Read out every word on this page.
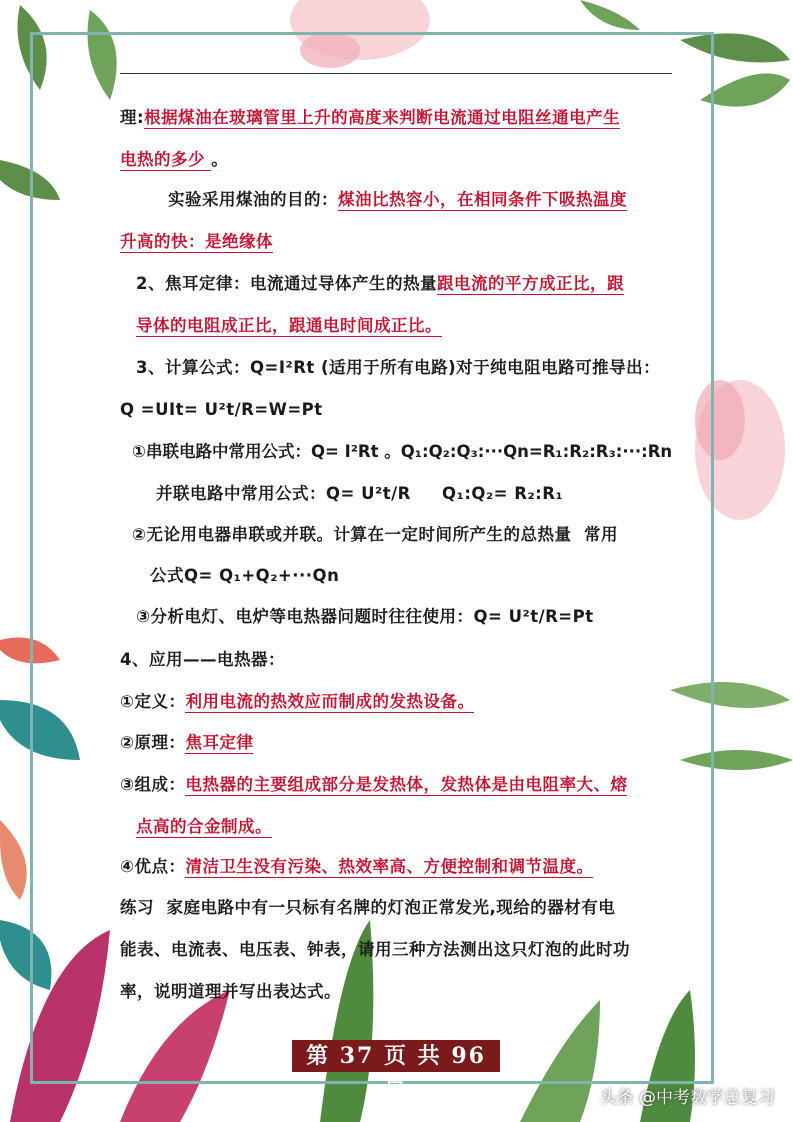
理:根据煤油在玻璃管里上升的高度来判断电流通过电阻丝通电产生
电热的多少 。
实验采用煤油的目的：煤油比热容小，在相同条件下吸热温度
升高的快：是绝缘体
2、焦耳定律：电流通过导体产生的热量跟电流的平方成正比，跟
导体的电阻成正比，跟通电时间成正比。
3、计算公式：Q=I²Rt (适用于所有电路)对于纯电阻电路可推导出：
Q =UIt= U²t/R=W=Pt
①串联电路中常用公式：Q= I²Rt 。Q₁:Q₂:Q₃:···Qn=R₁:R₂:R₃:···:Rn
并联电路中常用公式：Q= U²t/R     Q₁:Q₂= R₂:R₁
②无论用电器串联或并联。计算在一定时间所产生的总热量  常用
公式Q= Q₁+Q₂+···Qn
③分析电灯、电炉等电热器问题时往往使用：Q= U²t/R=Pt
4、应用——电热器：
①定义：利用电流的热效应而制成的发热设备。
②原理：焦耳定律
③组成：电热器的主要组成部分是发热体，发热体是由电阻率大、熔
点高的合金制成。
④优点：清洁卫生没有污染、热效率高、方便控制和调节温度。
练习  家庭电路中有一只标有名牌的灯泡正常发光,现给的器材有电
能表、电流表、电压表、钟表，请用三种方法测出这只灯泡的此时功
率，说明道理并写出表达式。
第 37 页 共 96 页	头条 @中考数学总复习
